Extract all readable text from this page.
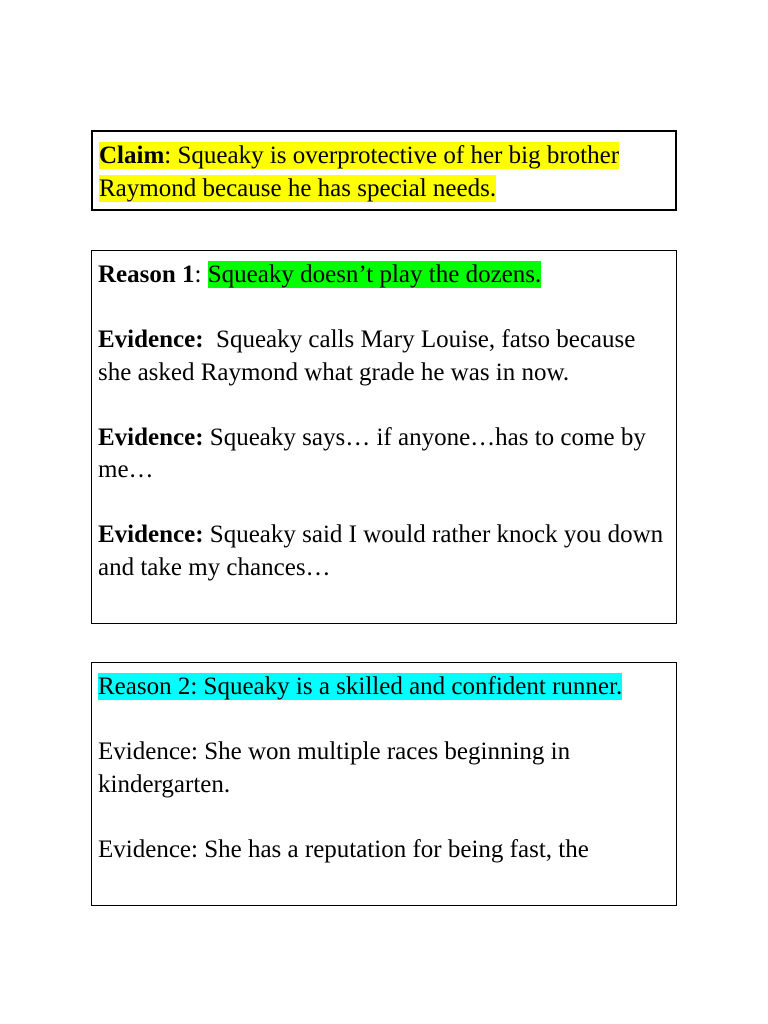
Claim: Squeaky is overprotective of her big brother Raymond because he has special needs.

Reason 1: Squeaky doesn’t play the dozens.

Evidence:  Squeaky calls Mary Louise, fatso because she asked Raymond what grade he was in now.

Evidence: Squeaky says… if anyone…has to come by me…

Evidence: Squeaky said I would rather knock you down and take my chances…

Reason 2: Squeaky is a skilled and confident runner.

Evidence: She won multiple races beginning in kindergarten.

Evidence: She has a reputation for being fast, the
